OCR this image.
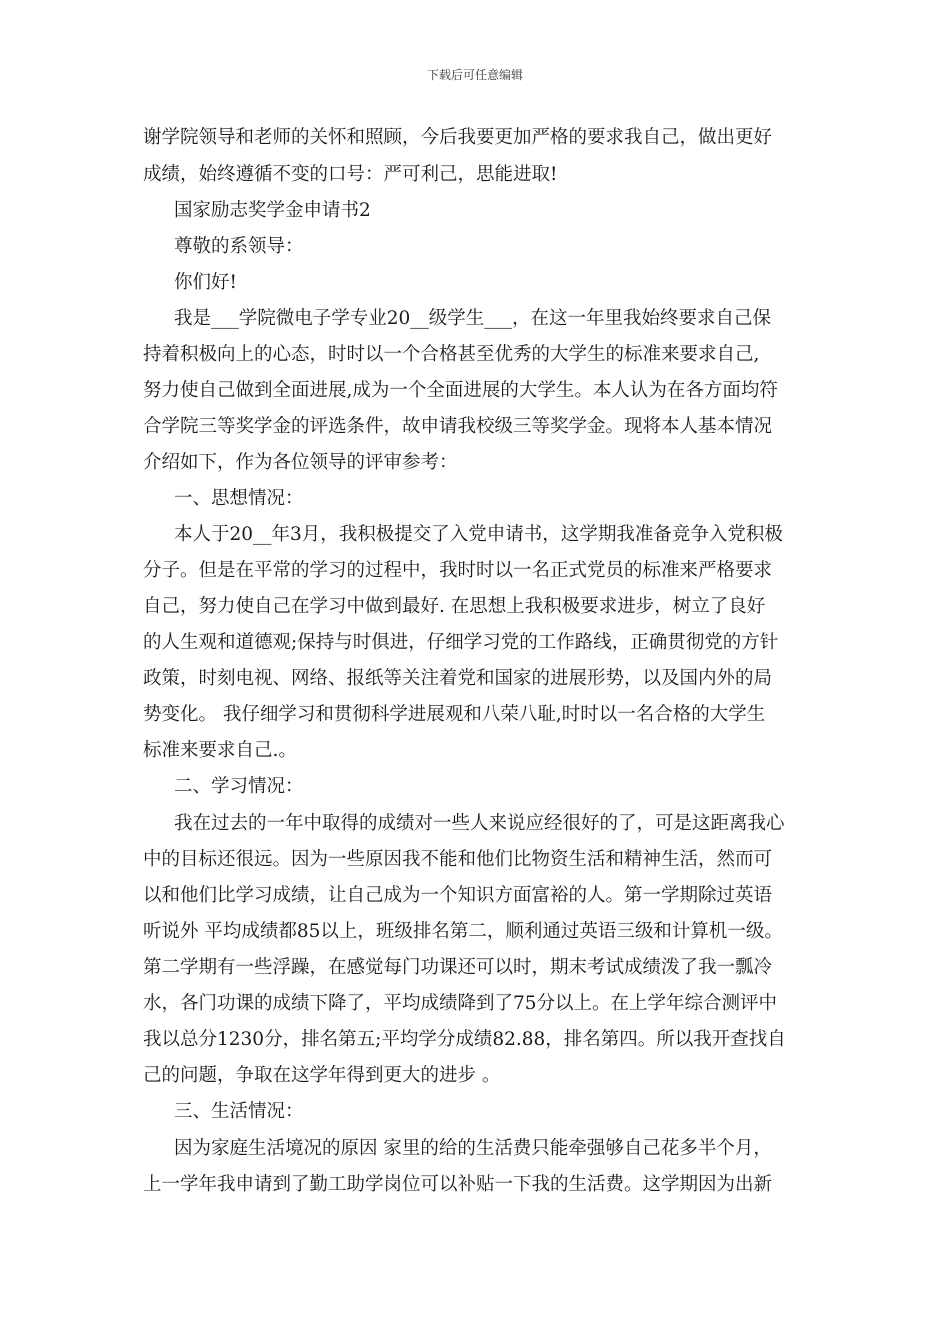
下载后可任意编辑
谢学院领导和老师的关怀和照顾，今后我要更加严格的要求我自己，做出更好
成绩，始终遵循不变的口号：严可利己，思能进取!
国家励志奖学金申请书2
尊敬的系领导：
你们好!
我是___学院微电子学专业20__级学生___，在这一年里我始终要求自己保
持着积极向上的心态，时时以一个合格甚至优秀的大学生的标准来要求自己,
努力使自己做到全面进展,成为一个全面进展的大学生。本人认为在各方面均符
合学院三等奖学金的评选条件，故申请我校级三等奖学金。现将本人基本情况
介绍如下，作为各位领导的评审参考：
一、思想情况：
本人于20__年3月，我积极提交了入党申请书，这学期我准备竞争入党积极
分子。但是在平常的学习的过程中，我时时以一名正式党员的标准来严格要求
自己，努力使自己在学习中做到最好. 在思想上我积极要求进步，树立了良好
的人生观和道德观;保持与时俱进，仔细学习党的工作路线，正确贯彻党的方针
政策，时刻电视、网络、报纸等关注着党和国家的进展形势，以及国内外的局
势变化。 我仔细学习和贯彻科学进展观和八荣八耻,时时以一名合格的大学生
标准来要求自己.。
二、学习情况：
我在过去的一年中取得的成绩对一些人来说应经很好的了，可是这距离我心
中的目标还很远。因为一些原因我不能和他们比物资生活和精神生活，然而可
以和他们比学习成绩，让自己成为一个知识方面富裕的人。第一学期除过英语
听说外 平均成绩都85以上，班级排名第二，顺利通过英语三级和计算机一级。
第二学期有一些浮躁，在感觉每门功课还可以时，期末考试成绩泼了我一瓢冷
水，各门功课的成绩下降了，平均成绩降到了75分以上。在上学年综合测评中
我以总分1230分，排名第五;平均学分成绩82.88，排名第四。所以我开查找自
己的问题，争取在这学年得到更大的进步 。
三、生活情况：
因为家庭生活境况的原因 家里的给的生活费只能牵强够自己花多半个月，
上一学年我申请到了勤工助学岗位可以补贴一下我的生活费。这学期因为出新
